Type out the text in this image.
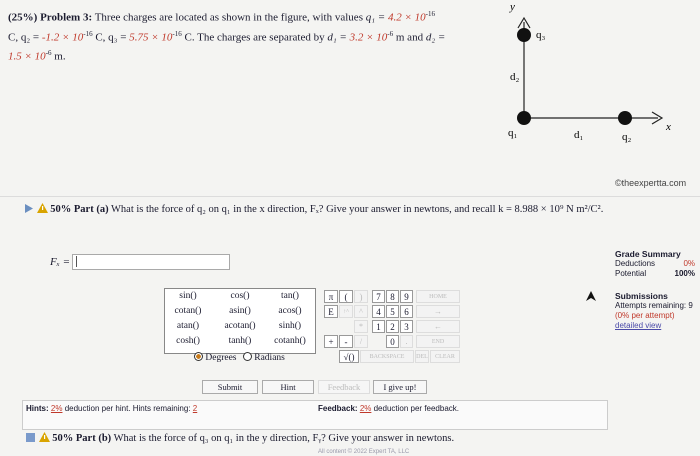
(25%) Problem 3: Three charges are located as shown in the figure, with values $q_1 = 4.2 \times 10^{-16}$
C, $q_2 = -1.2 \times 10^{-16}$ C, $q_3 = 5.75 \times 10^{-16}$ C. The charges are separated by $d_1 = 3.2 \times 10^{-6}$ m and d₂ =
$1.5 \times 10^{-6}$ m.
y
x
q₃
q₁	q₂
d₂
d₁
©theexpertta.com
50% Part (a) What is the force of q₂ on q₁ in the x direction, Fₓ? Give your answer in newtons, and recall k = 8.988 × 10⁹ N m²/C².
Fₓ =
Grade Summary
Deductions	0%
Potential	100%
Submissions
Attempts remaining: 9
(0% per attempt)
detailed view
sin()	cos()	tan()
cotan()	asin()	acos()
atan()	acotan()	sinh()
cosh()	tanh()	cotanh()
Degrees Radians
π	(	)
E	↑^	^
*
+	-	/
√()
7	8	9
4	5	6
1	2	3
0	.
HOME
→
←
END
BACKSPACE	DEL	CLEAR
Submit	Hint	Feedback	I give up!
Hints: 2% deduction per hint. Hints remaining: 2	Feedback: 2% deduction per feedback.
50% Part (b) What is the force of q₃ on q₁ in the y direction, Fᵧ? Give your answer in newtons.
All content © 2022 Expert TA, LLC
